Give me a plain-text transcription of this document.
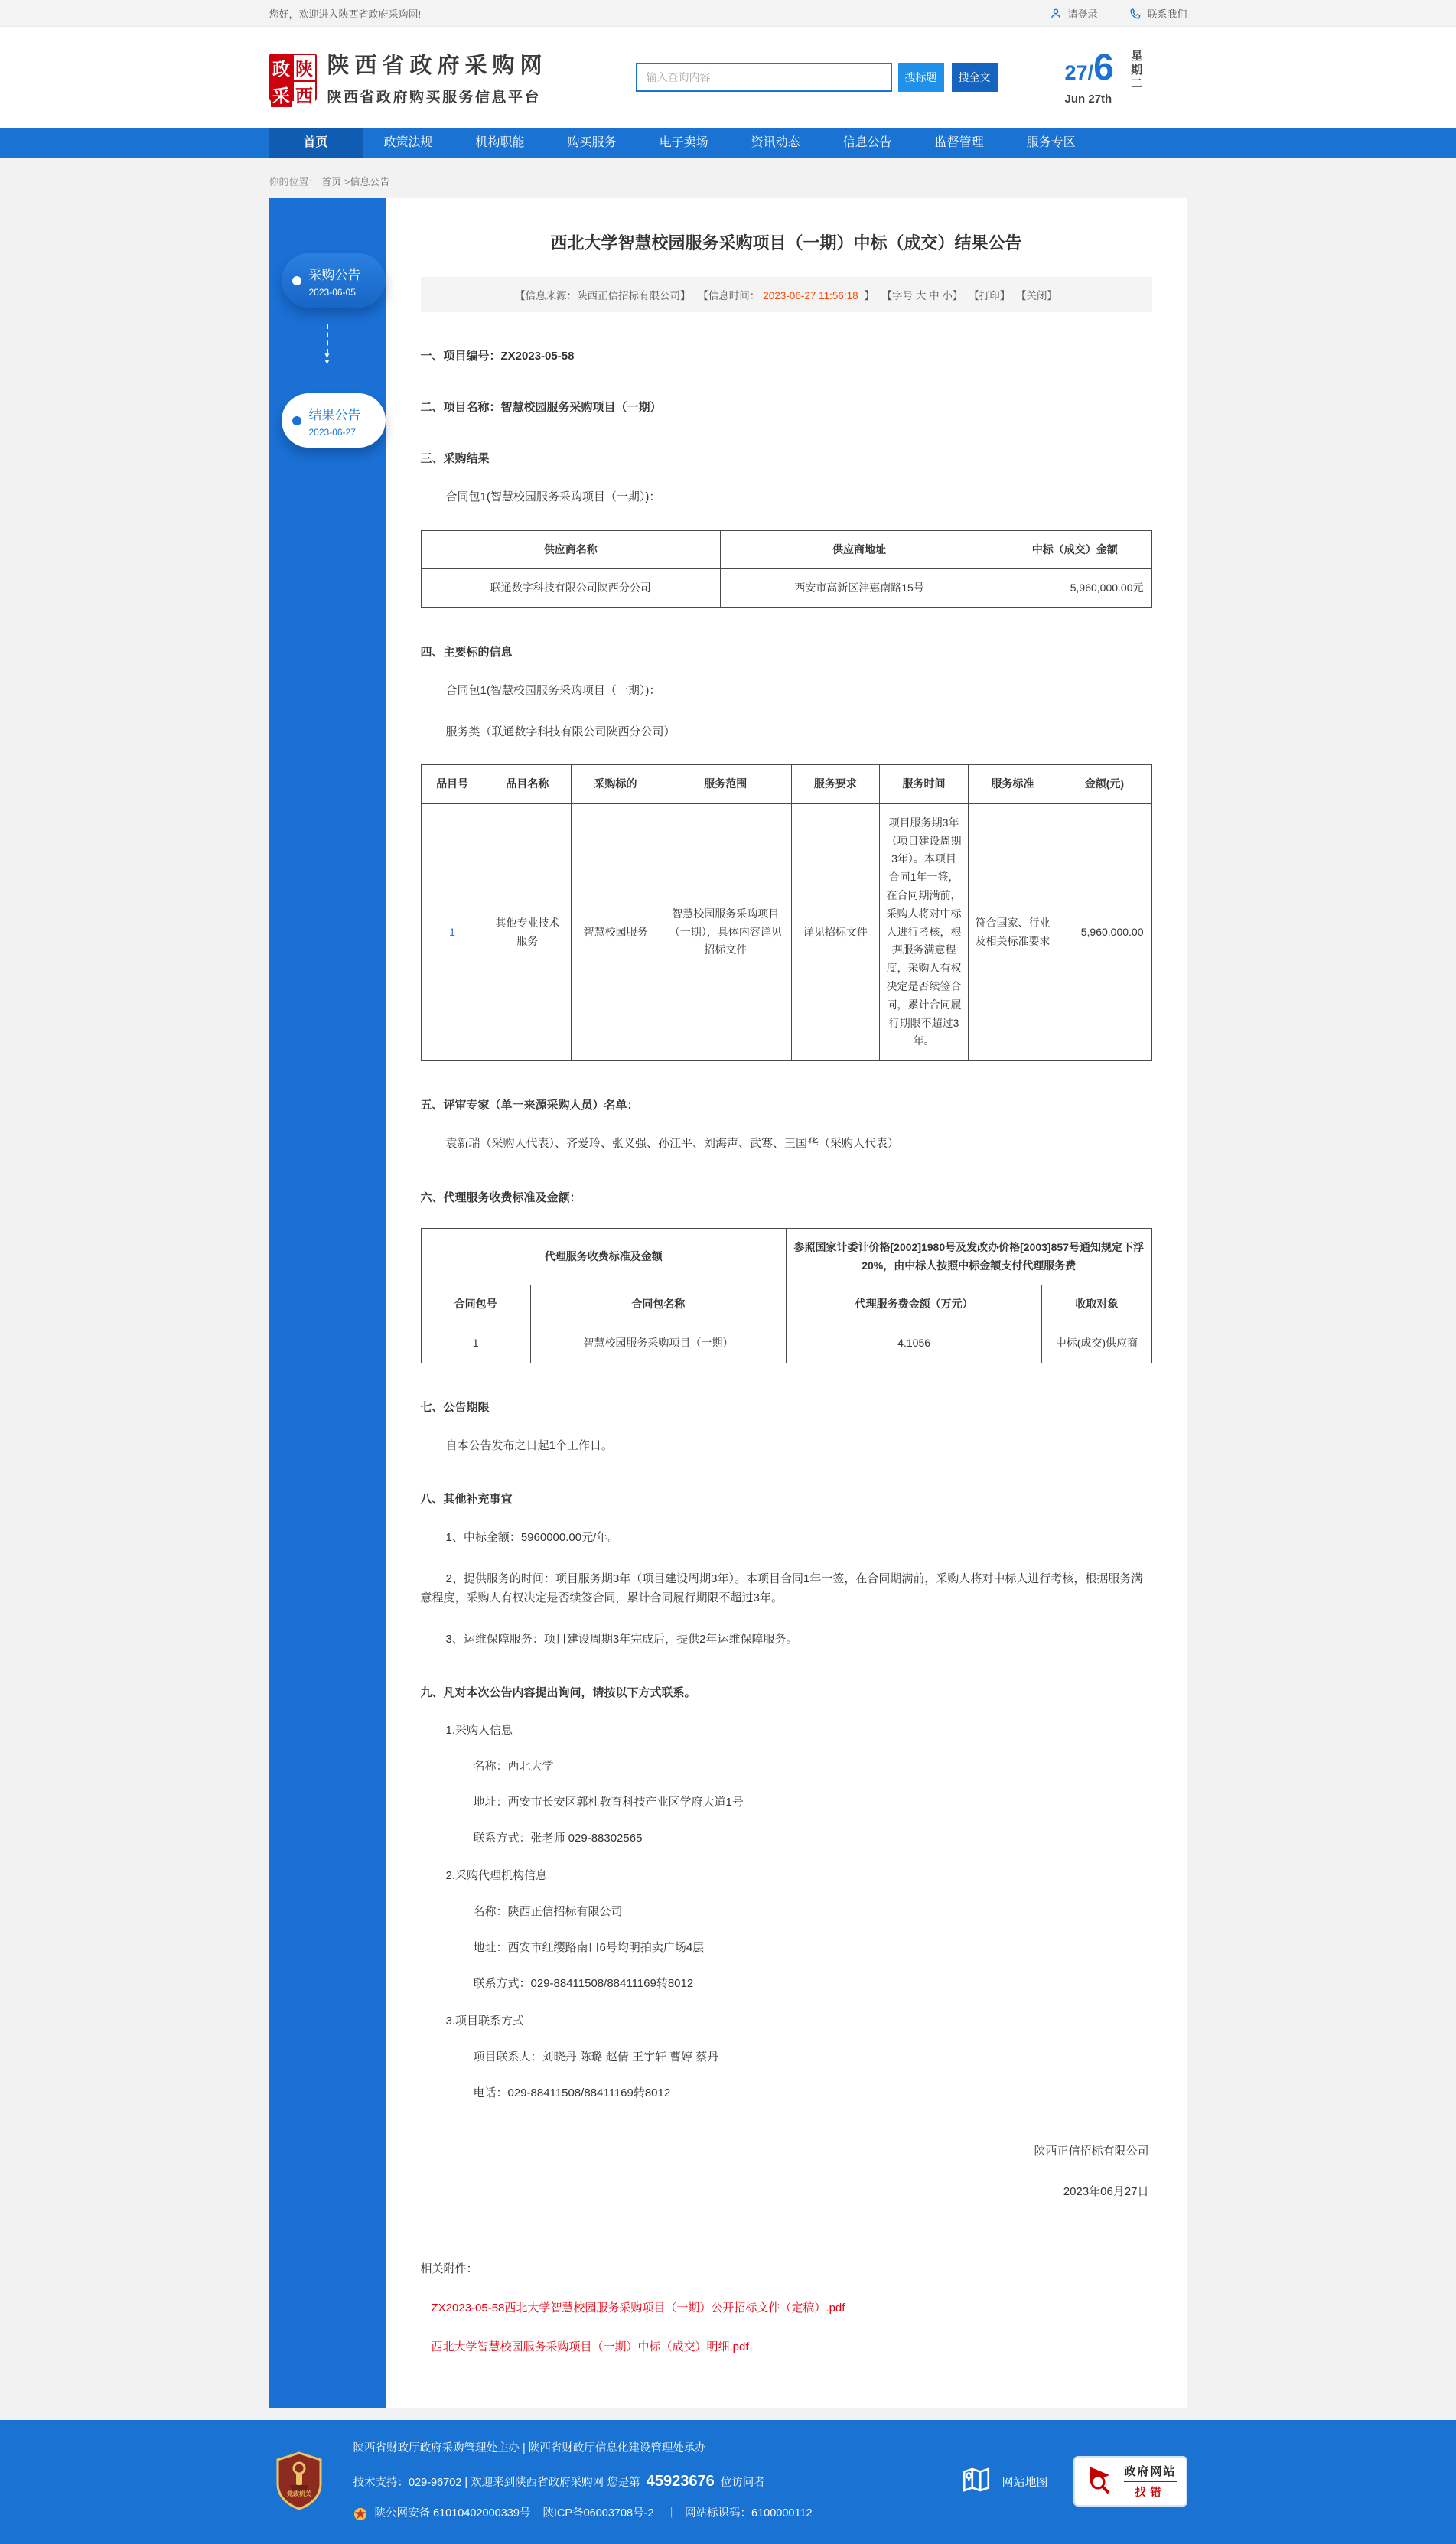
您好，欢迎进入陕西省政府采购网!	请登录	联系我们
政 陕
采 西
陕西省政府采购网
陕西省政府购买服务信息平台
输入查询内容
搜标题	搜全文	27/6
Jun 27th
星期二
首页	政策法规	机构职能	购买服务	电子卖场	资讯动态	信息公告	监督管理	服务专区
你的位置： 首页 >信息公告
采购公告
2023-06-05
▼
▼
结果公告
2023-06-27
西北大学智慧校园服务采购项目（一期）中标（成交）结果公告
【信息来源：陕西正信招标有限公司】 【信息时间： 2023-06-27 11:56:18 】 【字号 大 中 小】 【打印】 【关闭】
一、项目编号：ZX2023-05-58
二、项目名称：智慧校园服务采购项目（一期）
三、采购结果

合同包1(智慧校园服务采购项目（一期）)：

供应商名称	供应商地址	中标（成交）金额
联通数字科技有限公司陕西分公司	西安市高新区沣惠南路15号	5,960,000.00元
四、主要标的信息

合同包1(智慧校园服务采购项目（一期）)：

服务类（联通数字科技有限公司陕西分公司）

品目号	品目名称	采购标的	服务范围	服务要求	服务时间	服务标准	金额(元)
1	其他专业技术服务	智慧校园服务	智慧校园服务采购项目（一期），具体内容详见招标文件	详见招标文件	项目服务期3年（项目建设周期3年）。本项目合同1年一签，在合同期满前，采购人将对中标人进行考核，根据服务满意程度，采购人有权决定是否续签合同，累计合同履行期限不超过3年。	符合国家、行业及相关标准要求	5,960,000.00
五、评审专家（单一来源采购人员）名单：

袁新瑞（采购人代表）、齐爱玲、张义强、孙江平、刘海声、武骞、王国华（采购人代表）

六、代理服务收费标准及金额：
代理服务收费标准及金额		参照国家计委计价格[2002]1980号及发改办价格[2003]857号通知规定下浮20%，由中标人按照中标金额支付代理服务费	
合同包号	合同包名称	代理服务费金额（万元）	收取对象
1	智慧校园服务采购项目（一期）	4.1056	中标(成交)供应商
七、公告期限

自本公告发布之日起1个工作日。

八、其他补充事宜

1、中标金额：5960000.00元/年。

2、提供服务的时间：项目服务期3年（项目建设周期3年）。本项目合同1年一签，在合同期满前，采购人将对中标人进行考核，根据服务满意程度，采购人有权决定是否续签合同，累计合同履行期限不超过3年。

3、运维保障服务：项目建设周期3年完成后，提供2年运维保障服务。

九、凡对本次公告内容提出询问，请按以下方式联系。

1.采购人信息

名称：西北大学

地址：西安市长安区郭杜教育科技产业区学府大道1号

联系方式：张老师 029-88302565

2.采购代理机构信息

名称：陕西正信招标有限公司

地址：西安市红缨路南口6号均明拍卖广场4层

联系方式：029-88411508/88411169转8012

3.项目联系方式

项目联系人：刘晓丹 陈璐 赵倩 王宇轩 曹婷 蔡丹

电话：029-88411508/88411169转8012

陕西正信招标有限公司
2023年06月27日
相关附件：
ZX2023-05-58西北大学智慧校园服务采购项目（一期）公开招标文件（定稿）.pdf
西北大学智慧校园服务采购项目（一期）中标（成交）明细.pdf
党政机关
陕西省财政厅政府采购管理处主办 | 陕西省财政厅信息化建设管理处承办
技术支持：029-96702 | 欢迎来到陕西省政府采购网 您是第 45923676 位访问者
陕公网安备 61010402000339号 陕ICP备06003708号-2 ｜ 网站标识码：6100000112
网站地图
政府网站
找错
